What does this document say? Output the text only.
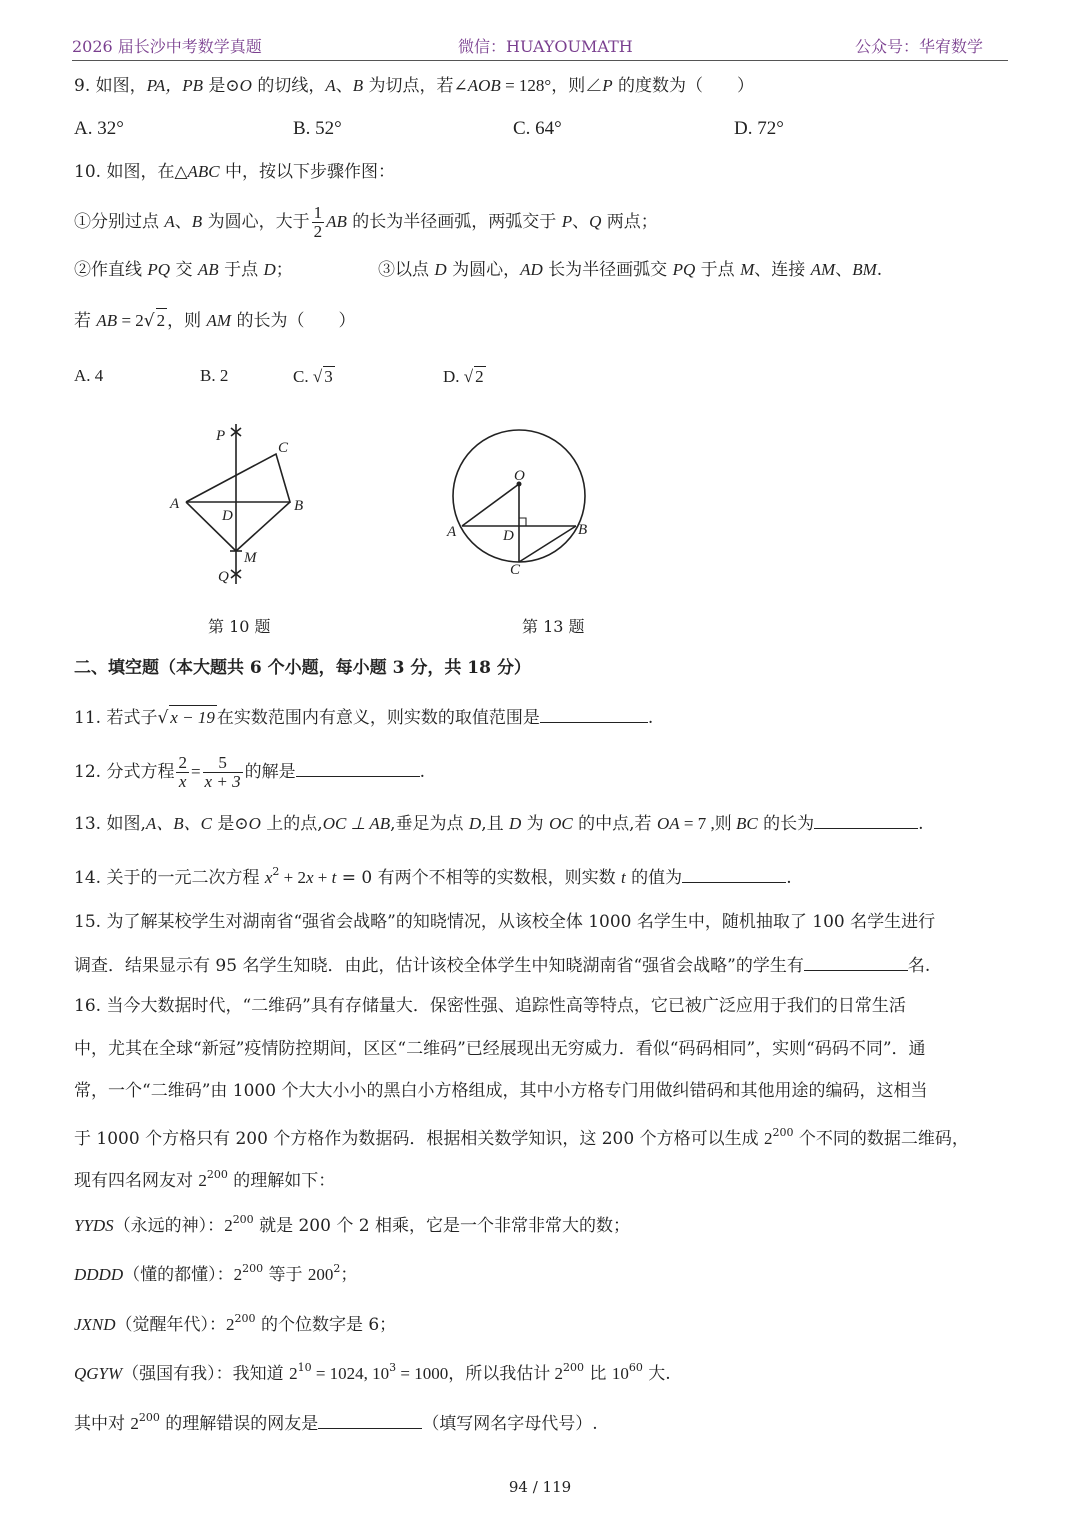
2026 届长沙中考数学真题	微信：HUAYOUMATH	公众号：华宥数学
9. 如图，PA，PB 是⊙O 的切线，A、B 为切点，若∠AOB = 128°，则∠P 的度数为（　　）
A. 32°	B. 52°	C. 64°	D. 72°
10. 如图，在△ABC 中，按以下步骤作图：
①分别过点 A、B 为圆心，大于 $\frac{1}{2}$ AB 的长为半径画弧，两弧交于 P、Q 两点；
②作直线 PQ 交 AB 于点 D；	③以点 D 为圆心，AD 长为半径画弧交 PQ 于点 M、连接 AM、BM.
若 AB = 2√ 2 ，则 AM 的长为（　　）
A. 4	B. 2	C. √ 3	D. √ 2
P
C
A	B
D
M
Q
第 10 题
O
A	D	B
C
第 13 题
二、填空题（本大题共 6 个小题，每小题 3 分，共 18 分）
11. 若式子√ x − 19 在实数范围内有意义，则实数的取值范围是	.
12. 分式方程 $\frac{2}{x} = \frac{5}{x + 3}$ 的解是	.
13. 如图,A、B、C 是⊙O 上的点,OC ⊥ AB,垂足为点 D,且 D 为 OC 的中点,若 OA = 7 ,则 BC 的长为	.
14. 关于的一元二次方程 $x^2 + 2x + t = 0$ 有两个不相等的实数根，则实数 t 的值为	.
15. 为了解某校学生对湖南省“强省会战略”的知晓情况，从该校全体 1000 名学生中，随机抽取了 100 名学生进行
调查．结果显示有 95 名学生知晓．由此，估计该校全体学生中知晓湖南省“强省会战略”的学生有	名.
16. 当今大数据时代，“二维码”具有存储量大．保密性强、追踪性高等特点，它已被广泛应用于我们的日常生活
中，尤其在全球“新冠”疫情防控期间，区区“二维码”已经展现出无穷威力．看似“码码相同”，实则“码码不同”．通
常，一个“二维码”由 1000 个大大小小的黑白小方格组成，其中小方格专门用做纠错码和其他用途的编码，这相当
于 1000 个方格只有 200 个方格作为数据码．根据相关数学知识，这 200 个方格可以生成 $2^{200}$ 个不同的数据二维码，
现有四名网友对 $2^{200}$ 的理解如下：
YYDS（永远的神）：$2^{200}$ 就是 200 个 2 相乘，它是一个非常非常大的数；
DDDD（懂的都懂）：$2^{200}$ 等于 $200^2$；
JXND（觉醒年代）：$2^{200}$ 的个位数字是 6；
QGYW（强国有我）：我知道 $2^{10} = 1024$, $10^3 = 1000$，所以我估计 $2^{200}$ 比 $10^{60}$ 大.
其中对 $2^{200}$ 的理解错误的网友是	（填写网名字母代号）.
94 / 119
